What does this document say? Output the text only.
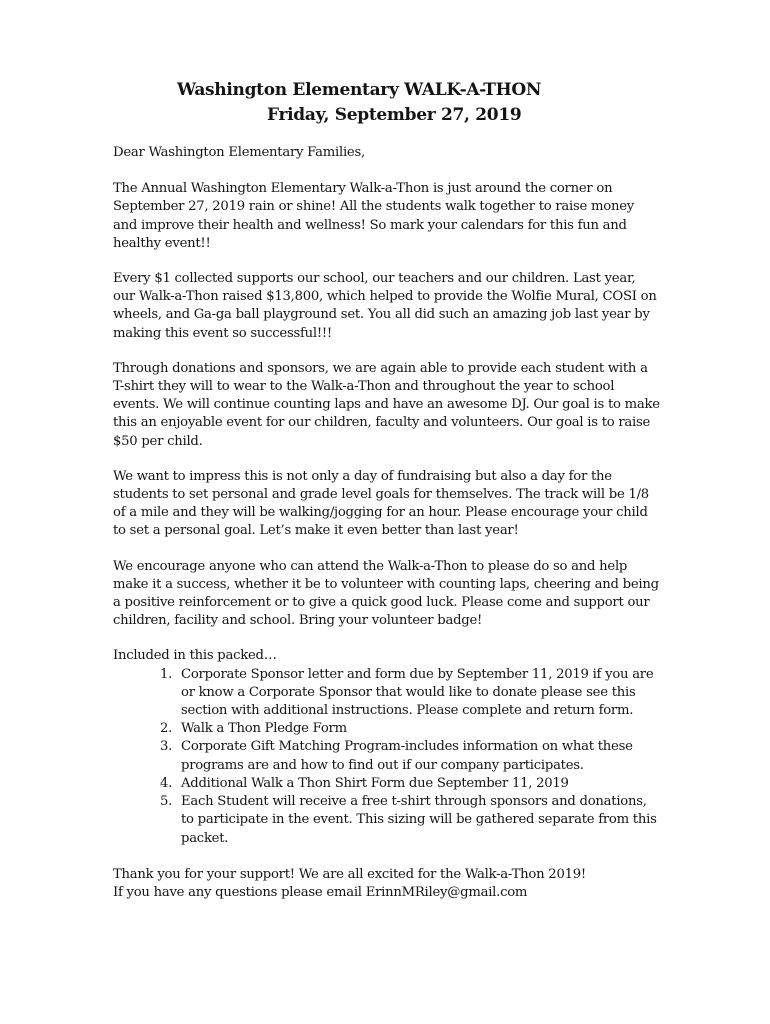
Washington Elementary WALK-A-THON
Friday, September 27, 2019

Dear Washington Elementary Families,

The Annual Washington Elementary Walk-a-Thon is just around the corner on September 27, 2019 rain or shine! All the students walk together to raise money and improve their health and wellness! So mark your calendars for this fun and healthy event!!

Every $1 collected supports our school, our teachers and our children. Last year, our Walk-a-Thon raised $13,800, which helped to provide the Wolfie Mural, COSI on wheels, and Ga-ga ball playground set. You all did such an amazing job last year by making this event so successful!!!

Through donations and sponsors, we are again able to provide each student with a T-shirt they will to wear to the Walk-a-Thon and throughout the year to school events. We will continue counting laps and have an awesome DJ. Our goal is to make this an enjoyable event for our children, faculty and volunteers. Our goal is to raise $50 per child.

We want to impress this is not only a day of fundraising but also a day for the students to set personal and grade level goals for themselves. The track will be 1/8 of a mile and they will be walking/jogging for an hour. Please encourage your child to set a personal goal. Let’s make it even better than last year!

We encourage anyone who can attend the Walk-a-Thon to please do so and help make it a success, whether it be to volunteer with counting laps, cheering and being a positive reinforcement or to give a quick good luck. Please come and support our children, facility and school. Bring your volunteer badge!

Included in this packed…

Corporate Sponsor letter and form due by September 11, 2019 if you are or know a Corporate Sponsor that would like to donate please see this section with additional instructions. Please complete and return form.
Walk a Thon Pledge Form
Corporate Gift Matching Program-includes information on what these programs are and how to find out if our company participates.
Additional Walk a Thon Shirt Form due September 11, 2019
Each Student will receive a free t-shirt through sponsors and donations, to participate in the event. This sizing will be gathered separate from this packet.

Thank you for your support! We are all excited for the Walk-a-Thon 2019!

If you have any questions please email ErinnMRiley@gmail.com
